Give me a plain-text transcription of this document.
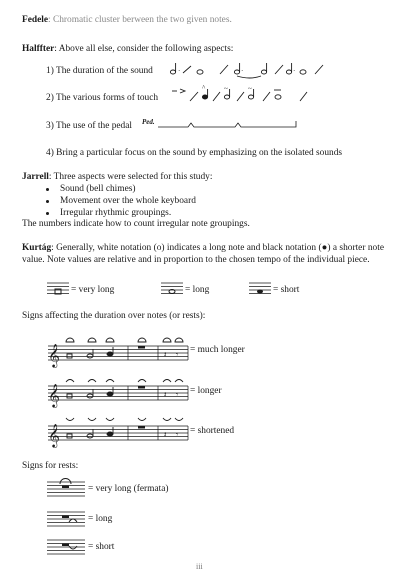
Fedele: Chromatic cluster berween the two given notes.
Halffter: Above all else, consider the following aspects:
1) The duration of the sound
2) The various forms of touch
3) The use of the pedal
4) Bring a particular focus on the sound by emphasizing on the isolated sounds
·	·	·
^	~	~
Ped.
Jarrell: Three aspects were selected for this study:
Sound (bell chimes)
Movement over the whole keyboard
Irregular rhythmic groupings.
The numbers indicate how to count irregular note groupings.
Kurtág: Generally, white notation (o) indicates a long note and black notation (●) a shorter note value. Note values are relative and in proportion to the chosen tempo of the individual piece.
= very long	= long	= short
Signs affecting the duration over notes (or rests):
𝄞	𝄽 𝄾 = much longer
𝄞	𝄽 𝄾 = longer
𝄞	𝄽 𝄾 = shortened
Signs for rests:
= very long (fermata)
= long
= short
iii
